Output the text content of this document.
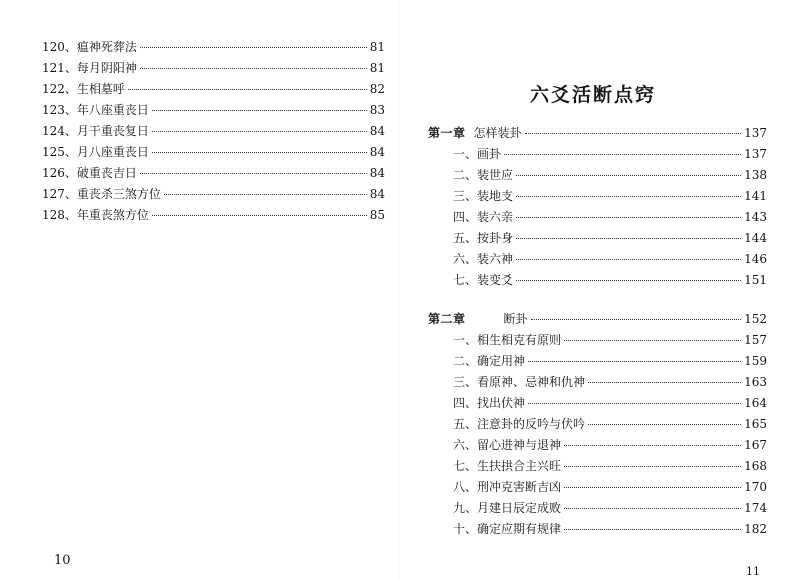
120、 瘟神死葬法	81
121、 每月阴阳神	81
122、 生相墓呼	82
123、 年八座重丧日	83
124、 月干重丧复日	84
125、 月八座重丧日	84
126、 破重丧吉日	84
127、 重丧杀三煞方位	84
128、 年重丧煞方位	85
10
六爻活断点窍
第一章 怎样装卦	137
一、画卦	137
二、装世应	138
三、装地支	141
四、装六亲	143
五、按卦身	144
六、装六神	146
七、装变爻	151
第二章	断卦	152
一、相生相克有原则	157
二、确定用神	159
三、看原神、忌神和仇神	163
四、找出伏神	164
五、注意卦的反吟与伏吟	165
六、留心进神与退神	167
七、生扶拱合主兴旺	168
八、刑冲克害断吉凶	170
九、月建日辰定成败	174
十、确定应期有规律	182
11
